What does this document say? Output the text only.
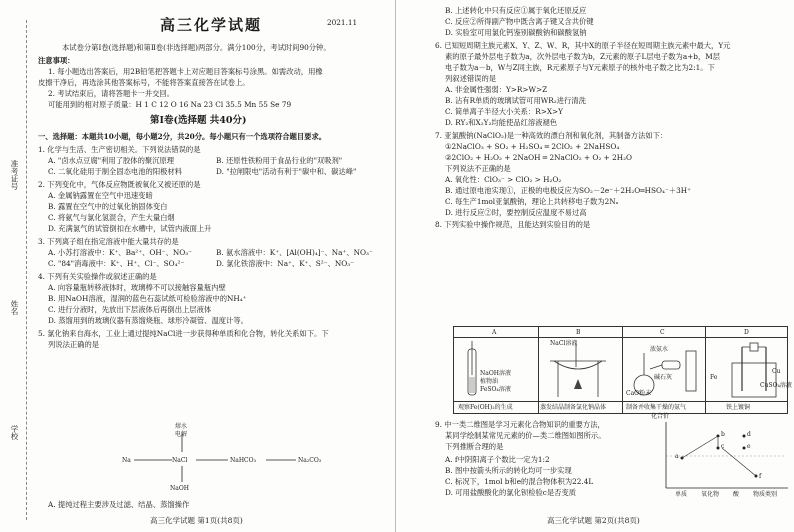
准考证号
姓名
学校
高三化学试题	2021.11
本试卷分第Ⅰ卷(选择题)和第Ⅱ卷(非选择题)两部分。满分100分，考试时间90分钟。
注意事项：
1. 每小题选出答案后，用2B铅笔把答题卡上对应题目答案标号涂黑。如需改动，用橡
皮擦干净后，再选涂其他答案标号，不能将答案直接答在试卷上。
2. 考试结束后，请将答题卡一并交回。
可能用到的相对原子质量：H 1 C 12 O 16 Na 23 Cl 35.5 Mn 55 Se 79
第Ⅰ卷(选择题 共40分)
一、选择题：本题共10小题，每小题2分，共20分。每小题只有一个选项符合题目要求。
1. 化学与生活、生产密切相关。下列说法错误的是
A. "卤水点豆腐"利用了胶体的聚沉原理	B. 还原性铁粉用于食品行业的"双吸剂"
C. 二氧化硅用于制全固态电池的阳极材料	D. "拉闸限电"活动有利于"碳中和、碳达峰"
2. 下列变化中，气体反应物既被氧化又被还原的是
A. 金属钠露置在空气中迅速变暗
B. 露置在空气中的过氧化钠固体变白
C. 将氨气与氯化氢混合，产生大量白烟
D. 充满氯气的试管倒扣在水槽中，试管内液面上升
3. 下列离子组在指定溶液中能大量共存的是
A. 小苏打溶液中：K⁺、Ba²⁺、OH⁻、NO₃⁻	B. 氨水溶液中：K⁺、[Al(OH)₄]⁻、Na⁺、NO₃⁻
C. "84"消毒液中：K⁺、H⁺、Cl⁻、SO₄²⁻	D. 氯化铁溶液中：Na⁺、K⁺、S²⁻、NO₃⁻
4. 下列有关实验操作或叙述正确的是
A. 向容量瓶转移液体时，玻璃棒不可以接触容量瓶内壁
B. 用NaOH溶液，湿润的蓝色石蕊试纸可检验溶液中的NH₄⁺
C. 进行分液时，先放出下层液体后再倒出上层液体
D. 蒸馏用到的玻璃仪器有蒸馏烧瓶、球形冷凝管、温度计等。
5. 氯化钠来自海水，工业上通过提纯NaCl进一步获得种单质和化合物，转化关系如下。下
列说法正确的是
A. 提纯过程主要涉及过滤、结晶、蒸馏操作
熔水
电解
NaCl
Na	NaHCO₃	Na₂CO₃
NaOH
高三化学试题 第1页(共8页)
B. 上述转化中只有反应①属于氧化还原反应
C. 反应②所得副产物中既含离子键又含共价键
D. 实验室可用氯化钙鉴别碳酸钠和碳酸氢钠
6. 已知短周期主族元素X、Y、Z、W、R，其中X的原子半径在短周期主族元素中最大，Y元
素的原子最外层电子数为a，次外层电子数为b，Z元素的原子L层电子数为a+b，M层
电子数为a－b，W与Z同主族，R元素原子与Y元素原子的核外电子数之比为2:1。下
列叙述错误的是
A. 非金属性强弱：Y>R>W>Z
B. 沾有R单质的玻璃试管可用WR₂进行清洗
C. 简单离子半径大小关系：R>X>Y
D. RY₂和X₂Y₂均能使品红溶液褪色
7. 亚氯酸钠(NaClO₂)是一种高效的漂白剂和氧化剂，其制备方法如下：
①2NaClO₃ + SO₂ + H₂SO₄ ═ 2ClO₂ + 2NaHSO₄
②2ClO₂ + H₂O₂ + 2NaOH ═ 2NaClO₂ + O₂ + 2H₂O
下列说法不正确的是
A. 氧化性：ClO₃⁻ > ClO₂ > H₂O₂
B. 通过原电池实现①，正极的电极反应为SO₂－2e⁻＋2H₂O═HSO₄⁻＋3H⁺
C. 每生产1mol亚氯酸钠，理论上共转移电子数为2Nₐ
D. 进行反应②时，要控制反应温度不易过高
8. 下列实验中操作规范，且能达到实验目的的是
9. 中一类二维图是学习元素化合物知识的重要方法，
某同学绘制某常见元素的价—类二维图如图所示。
下列推断合理的是
A. f中阴阳离子个数比一定为1:2
B. 图中按箭头所示的转化均可一步实现
C. 标况下，1mol b和e的混合物体积为22.4L
D. 可用盐酸酸化的氯化钡检验c是否变质
A	B	C	D
NaOH溶液
植物油
FeSO₄溶液
NaCl溶液
浓氨水
碱石灰
CaO粉末
Fe
Cu
CuSO₄溶液
观察Fe(OH)₂的生成	蒸发结晶制备氯化钠晶体	制备并收集干燥的氨气	铁上镀铜
化合价
a
b
c
d
e
f
单质 氧化物 酸 物质类别
高三化学试题 第2页(共8页)
